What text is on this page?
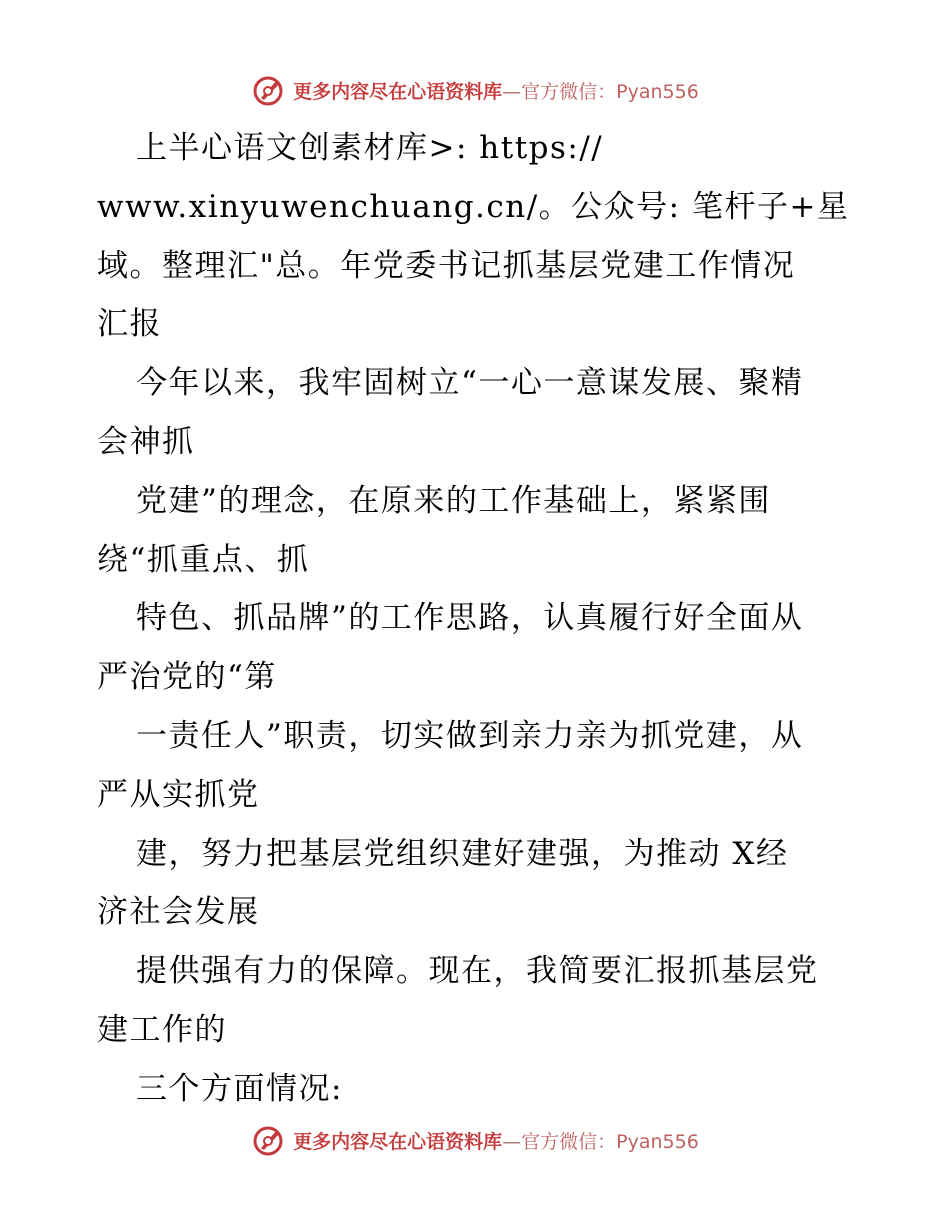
更多内容尽在心语资料库—官方微信：Pyan556
上半心语文创素材库>: https://
www.xinyuwenchuang.cn/。公众号: 笔杆子+星
域。整理汇"总。年党委书记抓基层党建工作情况
汇报
今年以来，我牢固树立“一心一意谋发展、聚精
会神抓
党建”的理念，在原来的工作基础上，紧紧围
绕“抓重点、抓
特色、抓品牌”的工作思路，认真履行好全面从
严治党的“第
一责任人”职责，切实做到亲力亲为抓党建，从
严从实抓党
建，努力把基层党组织建好建强，为推动 X经
济社会发展
提供强有力的保障。现在，我简要汇报抓基层党
建工作的
三个方面情况:
更多内容尽在心语资料库—官方微信：Pyan556
